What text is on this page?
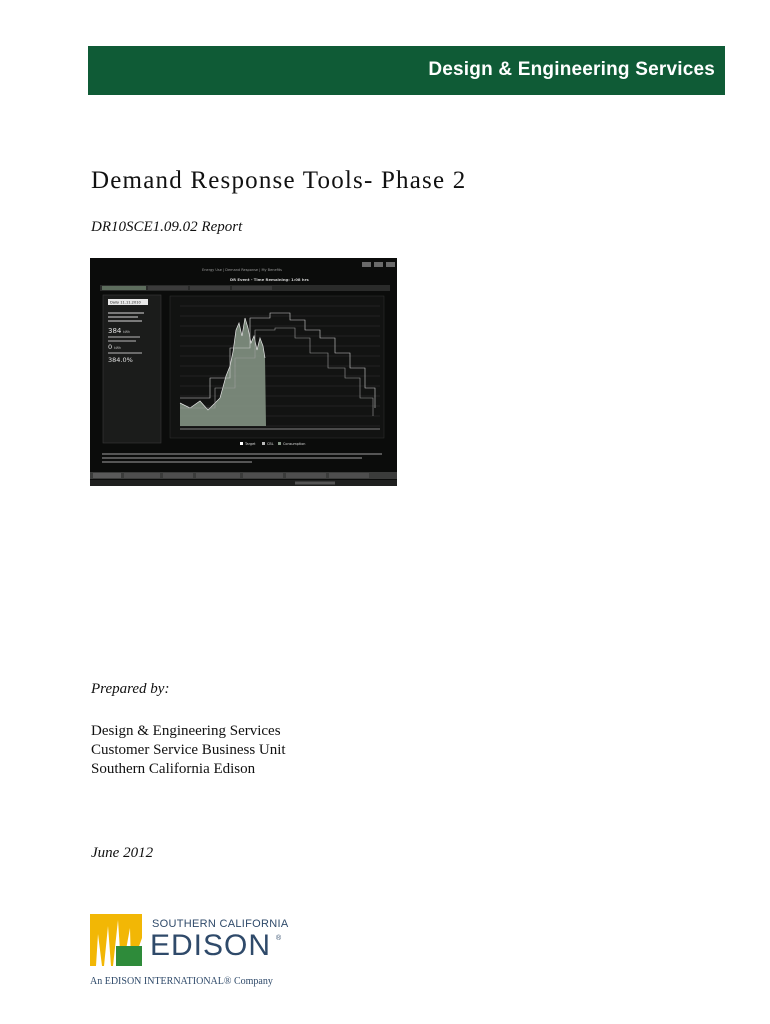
Design & Engineering Services
Demand Response Tools- Phase 2
DR10SCE1.09.02 Report
Energy Use | Demand Response | My Benefits
DR Event - Time Remaining: 1:08 hrs
Daily 11.11.2010
384 kWh
0 kWh
384.0%
Target	CBL	Consumption
Prepared by:
Design & Engineering Services
Customer Service Business Unit
Southern California Edison
June 2012
SOUTHERN CALIFORNIA
EDISON ®
An EDISON INTERNATIONAL® Company
